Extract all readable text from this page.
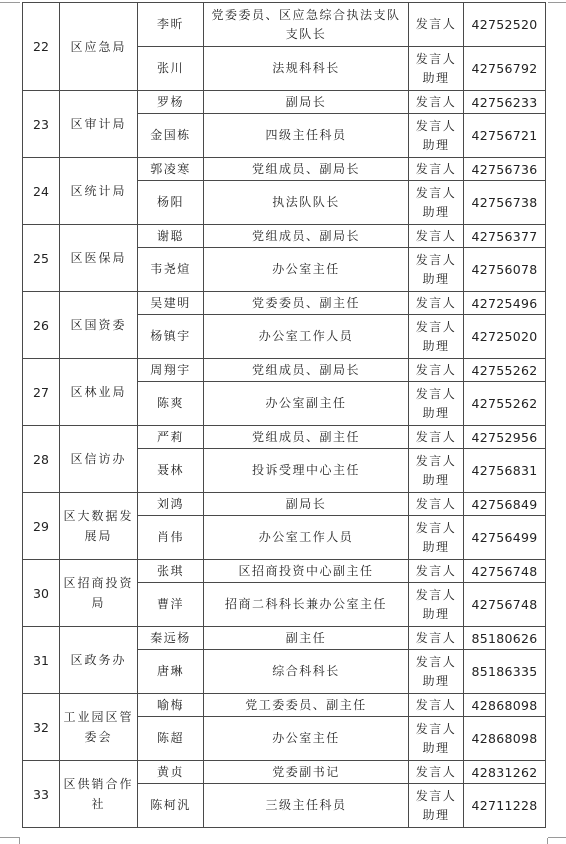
22	区应急局	李昕	党委委员、区应急综合执法支队支队长	发言人	42752520
		张川	法规科科长	发言人助理	42756792
23	区审计局	罗杨	副局长	发言人	42756233
		金国栋	四级主任科员	发言人助理	42756721
24	区统计局	郭凌寒	党组成员、副局长	发言人	42756736
		杨阳	执法队队长	发言人助理	42756738
25	区医保局	谢聪	党组成员、副局长	发言人	42756377
		韦尧煊	办公室主任	发言人助理	42756078
26	区国资委	吴建明	党委委员、副主任	发言人	42725496
		杨镇宇	办公室工作人员	发言人助理	42725020
27	区林业局	周翔宇	党组成员、副局长	发言人	42755262
		陈爽	办公室副主任	发言人助理	42755262
28	区信访办	严莉	党组成员、副主任	发言人	42752956
		聂林	投诉受理中心主任	发言人助理	42756831
29	区大数据发展局	刘鸿	副局长	发言人	42756849
		肖伟	办公室工作人员	发言人助理	42756499
30	区招商投资局	张琪	区招商投资中心副主任	发言人	42756748
		曹洋	招商二科科长兼办公室主任	发言人助理	42756748
31	区政务办	秦远杨	副主任	发言人	85180626
		唐琳	综合科科长	发言人助理	85186335
32	工业园区管委会	喻梅	党工委委员、副主任	发言人	42868098
		陈超	办公室主任	发言人助理	42868098
33	区供销合作社	黄贞	党委副书记	发言人	42831262
		陈柯汎	三级主任科员	发言人助理	42711228
